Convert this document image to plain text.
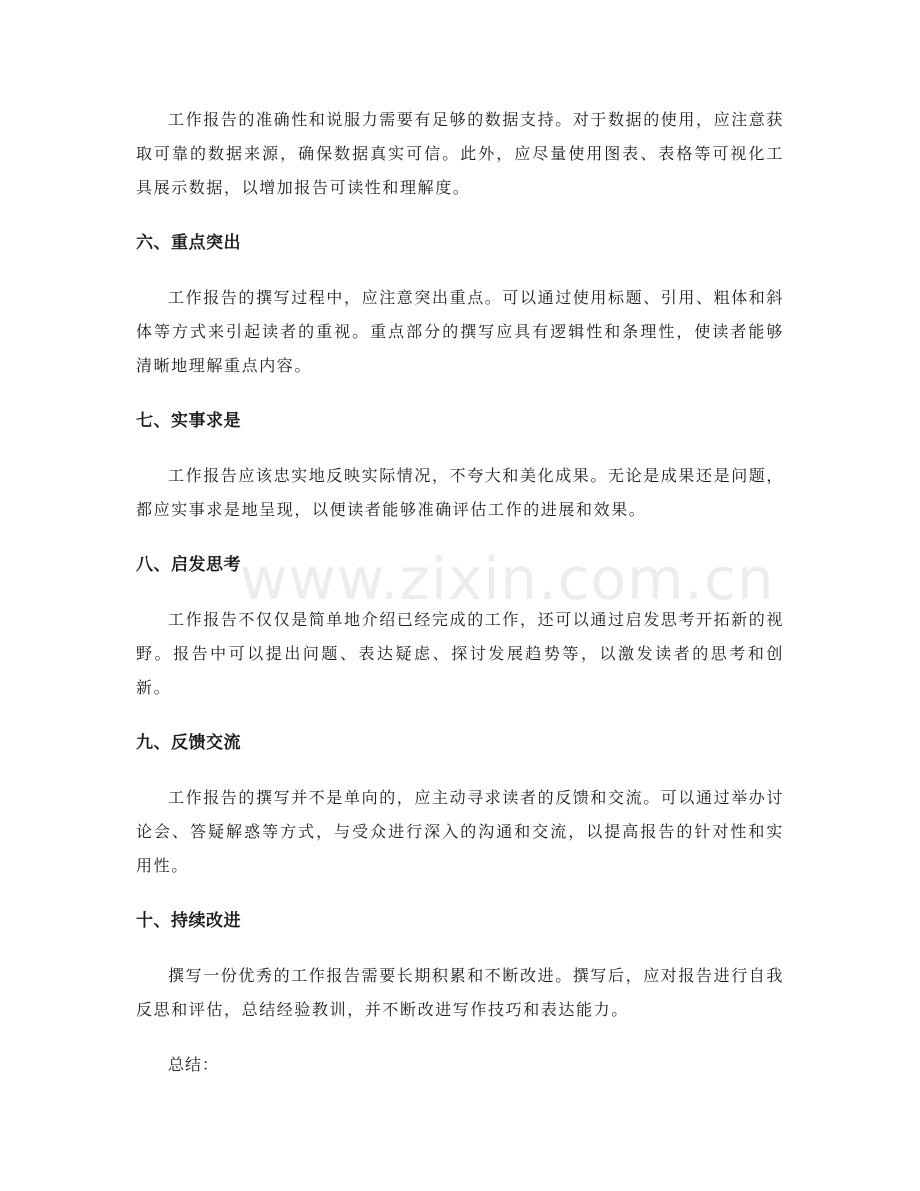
工作报告的准确性和说服力需要有足够的数据支持。对于数据的使用，应注意获取可靠的数据来源，确保数据真实可信。此外，应尽量使用图表、表格等可视化工具展示数据，以增加报告可读性和理解度。

六、重点突出

工作报告的撰写过程中，应注意突出重点。可以通过使用标题、引用、粗体和斜体等方式来引起读者的重视。重点部分的撰写应具有逻辑性和条理性，使读者能够清晰地理解重点内容。

七、实事求是

工作报告应该忠实地反映实际情况，不夸大和美化成果。无论是成果还是问题，都应实事求是地呈现，以便读者能够准确评估工作的进展和效果。

八、启发思考

工作报告不仅仅是简单地介绍已经完成的工作，还可以通过启发思考开拓新的视野。报告中可以提出问题、表达疑虑、探讨发展趋势等，以激发读者的思考和创新。

九、反馈交流

工作报告的撰写并不是单向的，应主动寻求读者的反馈和交流。可以通过举办讨论会、答疑解惑等方式，与受众进行深入的沟通和交流，以提高报告的针对性和实用性。

十、持续改进

撰写一份优秀的工作报告需要长期积累和不断改进。撰写后，应对报告进行自我反思和评估，总结经验教训，并不断改进写作技巧和表达能力。

总结：

www.zixin.com.cn
